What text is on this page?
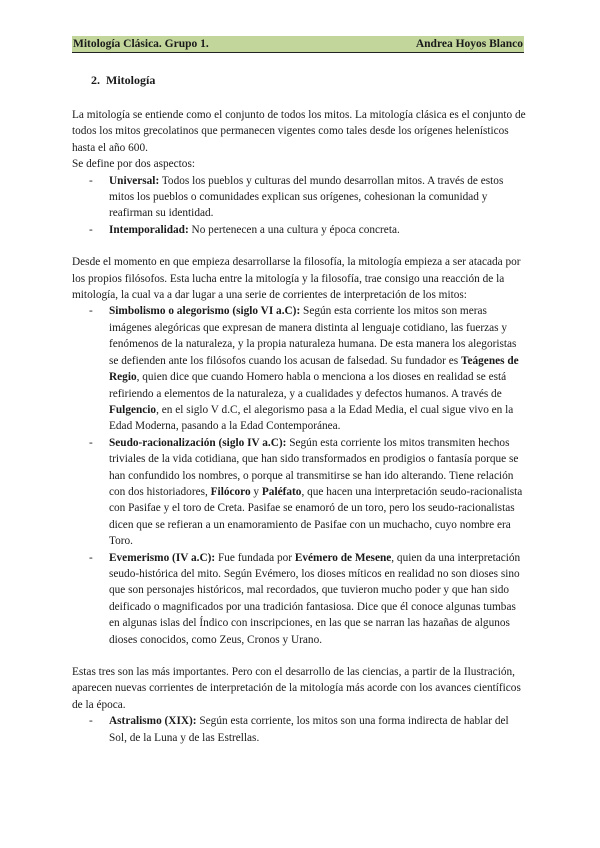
Mitología Clásica. Grupo 1.	Andrea Hoyos Blanco
2. Mitología

La mitología se entiende como el conjunto de todos los mitos. La mitología clásica es el conjunto de todos los mitos grecolatinos que permanecen vigentes como tales desde los orígenes helenísticos hasta el año 600.

Se define por dos aspectos:

- Universal: Todos los pueblos y culturas del mundo desarrollan mitos. A través de estos mitos los pueblos o comunidades explican sus orígenes, cohesionan la comunidad y reafirman su identidad.
- Intemporalidad: No pertenecen a una cultura y época concreta.

Desde el momento en que empieza desarrollarse la filosofía, la mitología empieza a ser atacada por los propios filósofos. Esta lucha entre la mitología y la filosofía, trae consigo una reacción de la mitología, la cual va a dar lugar a una serie de corrientes de interpretación de los mitos:

- Simbolismo o alegorismo (siglo VI a.C): Según esta corriente los mitos son meras imágenes alegóricas que expresan de manera distinta al lenguaje cotidiano, las fuerzas y fenómenos de la naturaleza, y la propia naturaleza humana. De esta manera los alegoristas se defienden ante los filósofos cuando los acusan de falsedad. Su fundador es Teágenes de Regio, quien dice que cuando Homero habla o menciona a los dioses en realidad se está refiriendo a elementos de la naturaleza, y a cualidades y defectos humanos. A través de Fulgencio, en el siglo V d.C, el alegorismo pasa a la Edad Media, el cual sigue vivo en la Edad Moderna, pasando a la Edad Contemporánea.
- Seudo-racionalización (siglo IV a.C): Según esta corriente los mitos transmiten hechos triviales de la vida cotidiana, que han sido transformados en prodigios o fantasía porque se han confundido los nombres, o porque al transmitirse se han ido alterando. Tiene relación con dos historiadores, Filócoro y Paléfato, que hacen una interpretación seudo-racionalista con Pasifae y el toro de Creta. Pasifae se enamoró de un toro, pero los seudo-racionalistas dicen que se refieran a un enamoramiento de Pasifae con un muchacho, cuyo nombre era Toro.
- Evemerismo (IV a.C): Fue fundada por Evémero de Mesene, quien da una interpretación seudo-histórica del mito. Según Evémero, los dioses míticos en realidad no son dioses sino que son personajes históricos, mal recordados, que tuvieron mucho poder y que han sido deificado o magnificados por una tradición fantasiosa. Dice que él conoce algunas tumbas en algunas islas del Índico con inscripciones, en las que se narran las hazañas de algunos dioses conocidos, como Zeus, Cronos y Urano.

Estas tres son las más importantes. Pero con el desarrollo de las ciencias, a partir de la Ilustración, aparecen nuevas corrientes de interpretación de la mitología más acorde con los avances científicos de la época.

- Astralismo (XIX): Según esta corriente, los mitos son una forma indirecta de hablar del Sol, de la Luna y de las Estrellas.
